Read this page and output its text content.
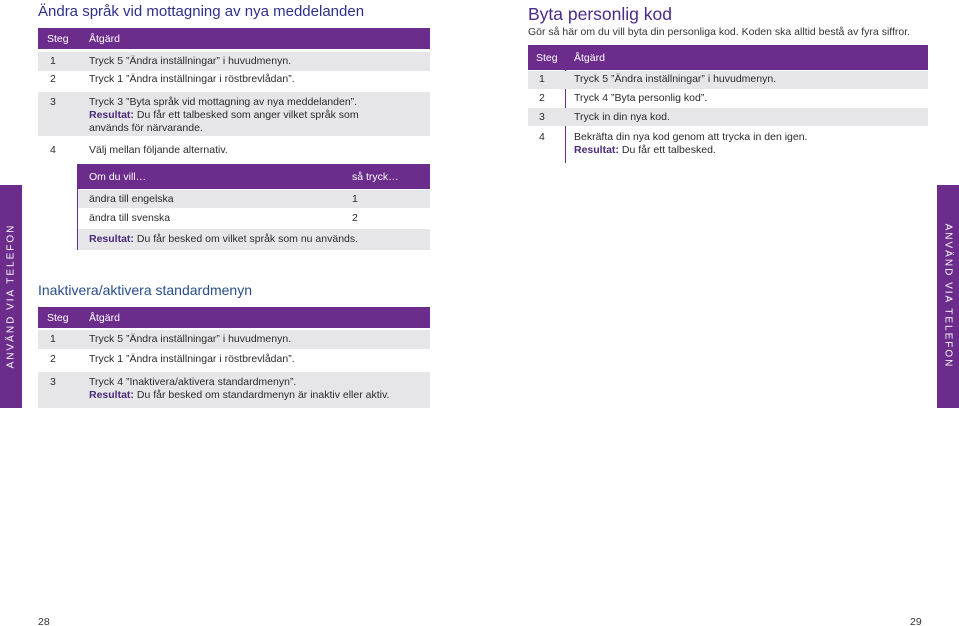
Ändra språk vid mottagning av nya meddelanden
Steg Åtgärd
1	Tryck 5 ”Ändra inställningar” i huvudmenyn.
2	Tryck 1 ”Ändra inställningar i röstbrevlådan”.
3	Tryck 3 ”Byta språk vid mottagning av nya meddelanden”.
Resultat: Du får ett talbesked som anger vilket språk som används för närvarande.
4	Välj mellan följande alternativ.
Om du vill…	så tryck…
ändra till engelska	1
ändra till svenska	2
Resultat: Du får besked om vilket språk som nu används.
Inaktivera/aktivera standardmenyn
Steg Åtgärd
1	Tryck 5 ”Ändra inställningar” i huvudmenyn.
2	Tryck 1 ”Ändra inställningar i röstbrevlådan”.
3	Tryck 4 ”Inaktivera/aktivera standardmenyn”.
Resultat: Du får besked om standardmenyn är inaktiv eller aktiv.
Byta personlig kod
Gör så här om du vill byta din personliga kod. Koden ska alltid bestå av fyra siffror.
Steg Åtgärd
1	Tryck 5 ”Ändra inställningar” i huvudmenyn.
2	Tryck 4 ”Byta personlig kod”.
3	Tryck in din nya kod.
4	Bekräfta din nya kod genom att trycka in den igen.
Resultat: Du får ett talbesked.
ANVÄND VIA TELEFON	ANVÄND VIA TELEFON
28	29
